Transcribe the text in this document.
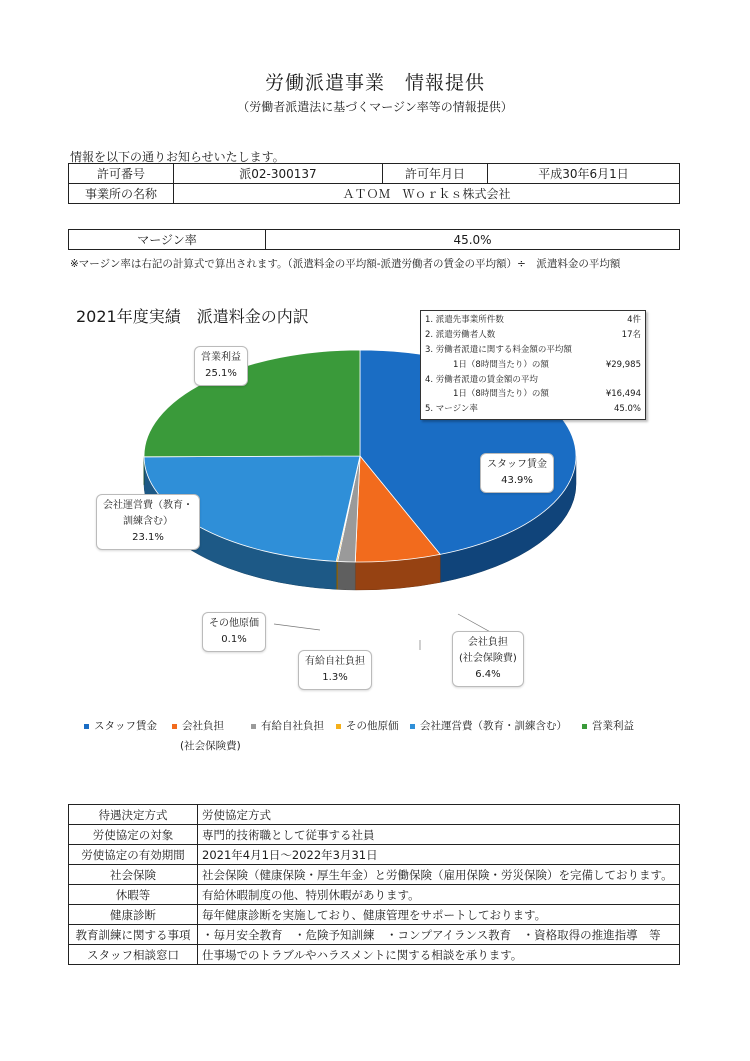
労働派遣事業　情報提供
（労働者派遣法に基づくマージン率等の情報提供）
情報を以下の通りお知らせいたします。
許可番号	派02-300137	許可年月日	平成30年6月1日
事業所の名称	ＡＴＯＭ　Ｗｏｒｋｓ株式会社		
マージン率	45.0%
※マージン率は右記の計算式で算出されます。（派遣料金の平均額-派遣労働者の賃金の平均額）÷　派遣料金の平均額
2021年度実績　派遣料金の内訳	1. 派遣先事業所件数	4件
2. 派遣労働者人数	17名
3. 労働者派遣に関する料金額の平均額
1日（8時間当たり）の額	¥29,985
4. 労働者派遣の賃金額の平均
1日（8時間当たり）の額	¥16,494
5. マージン率	45.0%
営業利益
25.1%
スタッフ賃金
43.9%
会社運営費（教育・
訓練含む）
23.1%
その他原価
0.1%
有給自社負担
1.3%
会社負担
(社会保険費)
6.4%
スタッフ賃金	会社負担
(社会保険費)
有給自社負担	その他原価	会社運営費（教育・訓練含む）	営業利益
待遇決定方式	労使協定方式
労使協定の対象	専門的技術職として従事する社員
労使協定の有効期間	2021年4月1日～2022年3月31日
社会保険	社会保険（健康保険・厚生年金）と労働保険（雇用保険・労災保険）を完備しております。
休暇等	有給休暇制度の他、特別休暇があります。
健康診断	毎年健康診断を実施しており、健康管理をサポートしております。
教育訓練に関する事項	・毎月安全教育　・危険予知訓練　・コンプアイランス教育　・資格取得の推進指導　等
スタッフ相談窓口	仕事場でのトラブルやハラスメントに関する相談を承ります。
